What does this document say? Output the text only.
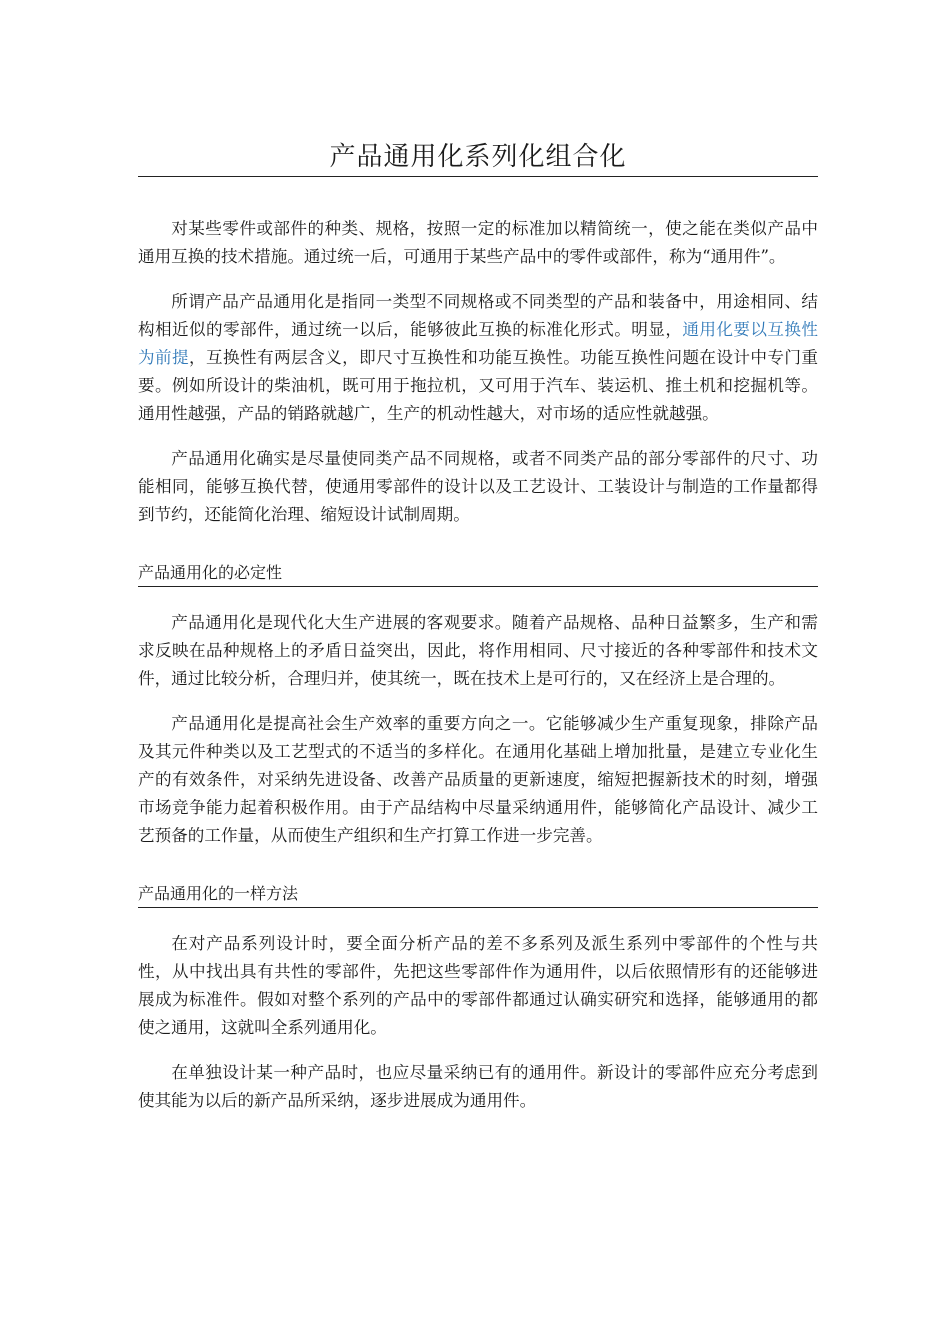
产品通用化系列化组合化

对某些零件或部件的种类、规格，按照一定的标准加以精简统一，使之能在类似产品中通用互换的技术措施。通过统一后，可通用于某些产品中的零件或部件，称为“通用件”。

所谓产品产品通用化是指同一类型不同规格或不同类型的产品和装备中，用途相同、结构相近似的零部件，通过统一以后，能够彼此互换的标准化形式。明显，通用化要以互换性为前提，互换性有两层含义，即尺寸互换性和功能互换性。功能互换性问题在设计中专门重要。例如所设计的柴油机，既可用于拖拉机，又可用于汽车、装运机、推土机和挖掘机等。通用性越强，产品的销路就越广，生产的机动性越大，对市场的适应性就越强。

产品通用化确实是尽量使同类产品不同规格，或者不同类产品的部分零部件的尺寸、功能相同，能够互换代替，使通用零部件的设计以及工艺设计、工装设计与制造的工作量都得到节约，还能简化治理、缩短设计试制周期。

产品通用化的必定性

产品通用化是现代化大生产进展的客观要求。随着产品规格、品种日益繁多，生产和需求反映在品种规格上的矛盾日益突出，因此，将作用相同、尺寸接近的各种零部件和技术文件，通过比较分析，合理归并，使其统一，既在技术上是可行的，又在经济上是合理的。

产品通用化是提高社会生产效率的重要方向之一。它能够减少生产重复现象，排除产品及其元件种类以及工艺型式的不适当的多样化。在通用化基础上增加批量，是建立专业化生产的有效条件，对采纳先进设备、改善产品质量的更新速度，缩短把握新技术的时刻，增强市场竞争能力起着积极作用。由于产品结构中尽量采纳通用件，能够简化产品设计、减少工艺预备的工作量，从而使生产组织和生产打算工作进一步完善。

产品通用化的一样方法

在对产品系列设计时，要全面分析产品的差不多系列及派生系列中零部件的个性与共性，从中找出具有共性的零部件，先把这些零部件作为通用件，以后依照情形有的还能够进展成为标准件。假如对整个系列的产品中的零部件都通过认确实研究和选择，能够通用的都使之通用，这就叫全系列通用化。

在单独设计某一种产品时，也应尽量采纳已有的通用件。新设计的零部件应充分考虑到使其能为以后的新产品所采纳，逐步进展成为通用件。
